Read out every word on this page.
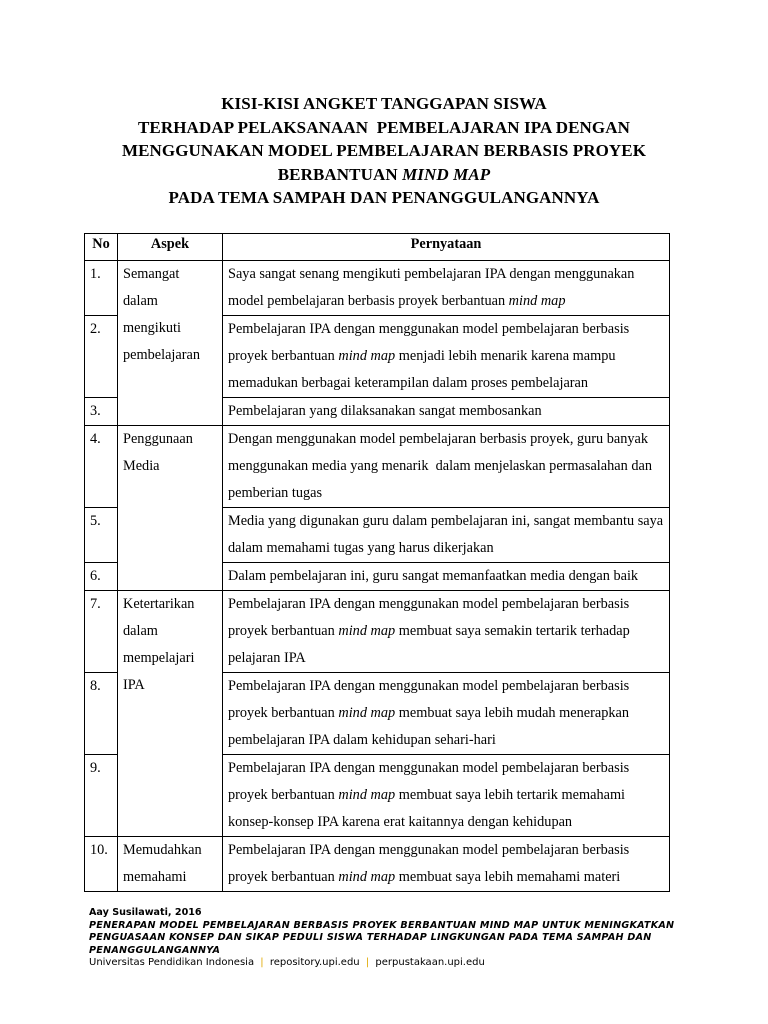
KISI-KISI ANGKET TANGGAPAN SISWA
TERHADAP PELAKSANAAN  PEMBELAJARAN IPA DENGAN
MENGGUNAKAN MODEL PEMBELAJARAN BERBASIS PROYEK
BERBANTUAN MIND MAP
PADA TEMA SAMPAH DAN PENANGGULANGANNYA
No	Aspek	Pernyataan
1.	Semangat dalam mengikuti pembelajaran	Saya sangat senang mengikuti pembelajaran IPA dengan menggunakan model pembelajaran berbasis proyek berbantuan mind map
2.		Pembelajaran IPA dengan menggunakan model pembelajaran berbasis proyek berbantuan mind map menjadi lebih menarik karena mampu memadukan berbagai keterampilan dalam proses pembelajaran
3.		Pembelajaran yang dilaksanakan sangat membosankan
4.	Penggunaan Media	Dengan menggunakan model pembelajaran berbasis proyek, guru banyak menggunakan media yang menarik  dalam menjelaskan permasalahan dan pemberian tugas
5.		Media yang digunakan guru dalam pembelajaran ini, sangat membantu saya dalam memahami tugas yang harus dikerjakan
6.		Dalam pembelajaran ini, guru sangat memanfaatkan media dengan baik
7.	Ketertarikan dalam mempelajari IPA	Pembelajaran IPA dengan menggunakan model pembelajaran berbasis proyek berbantuan mind map membuat saya semakin tertarik terhadap pelajaran IPA
8.		Pembelajaran IPA dengan menggunakan model pembelajaran berbasis proyek berbantuan mind map membuat saya lebih mudah menerapkan pembelajaran IPA dalam kehidupan sehari-hari
9.		Pembelajaran IPA dengan menggunakan model pembelajaran berbasis proyek berbantuan mind map membuat saya lebih tertarik memahami konsep-konsep IPA karena erat kaitannya dengan kehidupan
10.	Memudahkan memahami	Pembelajaran IPA dengan menggunakan model pembelajaran berbasis proyek berbantuan mind map membuat saya lebih memahami materi
Aay Susilawati, 2016
PENERAPAN MODEL PEMBELAJARAN BERBASIS PROYEK BERBANTUAN MIND MAP UNTUK MENINGKATKAN PENGUASAAN KONSEP DAN SIKAP PEDULI SISWA TERHADAP LINGKUNGAN PADA TEMA SAMPAH DAN PENANGGULANGANNYA
Universitas Pendidikan Indonesia | repository.upi.edu | perpustakaan.upi.edu
